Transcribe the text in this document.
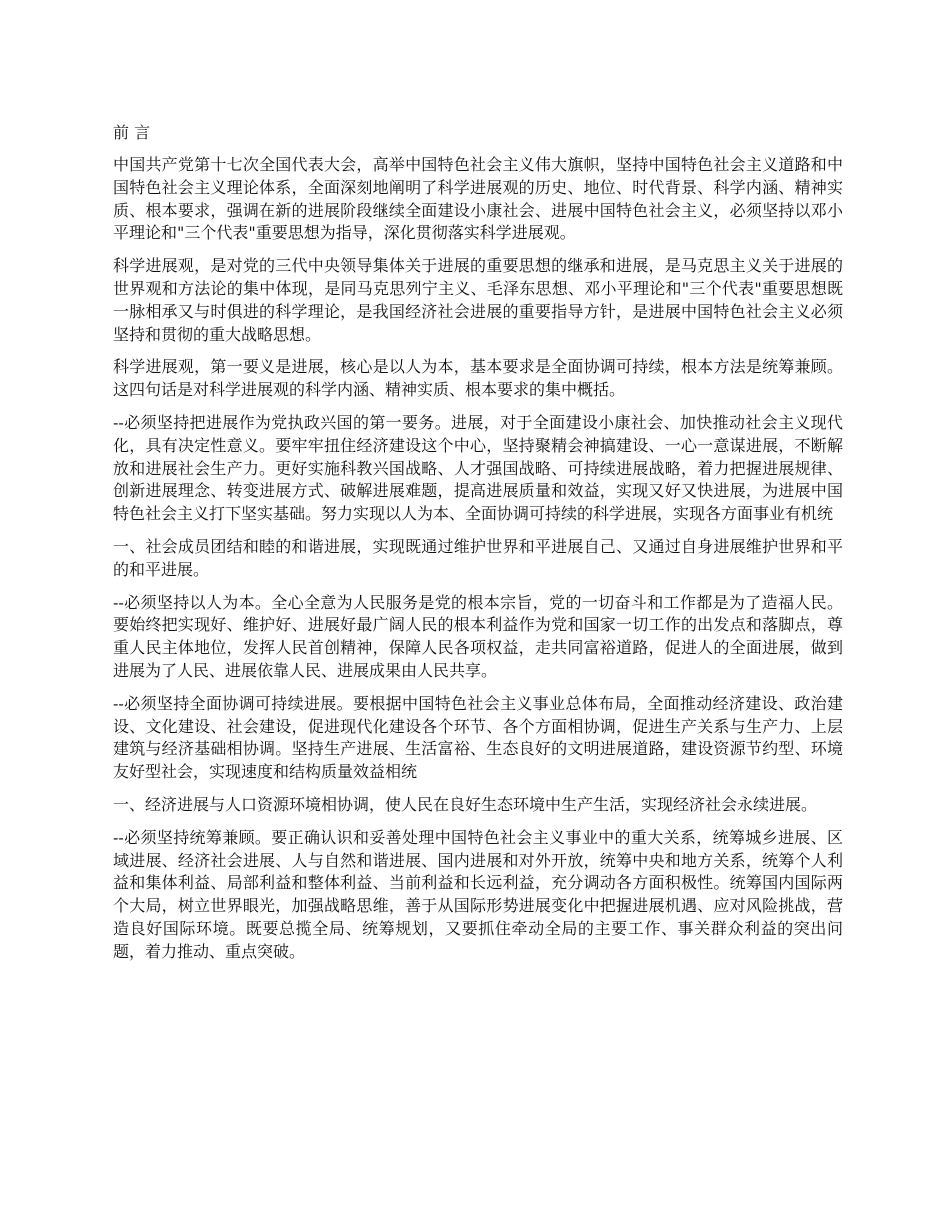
前 言

中国共产党第十七次全国代表大会，高举中国特色社会主义伟大旗帜，坚持中国特色社会主义道路和中国特色社会主义理论体系，全面深刻地阐明了科学进展观的历史、地位、时代背景、科学内涵、精神实质、根本要求，强调在新的进展阶段继续全面建设小康社会、进展中国特色社会主义，必须坚持以邓小平理论和"三个代表"重要思想为指导，深化贯彻落实科学进展观。

科学进展观，是对党的三代中央领导集体关于进展的重要思想的继承和进展，是马克思主义关于进展的世界观和方法论的集中体现，是同马克思列宁主义、毛泽东思想、邓小平理论和"三个代表"重要思想既一脉相承又与时俱进的科学理论，是我国经济社会进展的重要指导方针，是进展中国特色社会主义必须坚持和贯彻的重大战略思想。

科学进展观，第一要义是进展，核心是以人为本，基本要求是全面协调可持续，根本方法是统筹兼顾。这四句话是对科学进展观的科学内涵、精神实质、根本要求的集中概括。

--必须坚持把进展作为党执政兴国的第一要务。进展，对于全面建设小康社会、加快推动社会主义现代化，具有决定性意义。要牢牢扭住经济建设这个中心，坚持聚精会神搞建设、一心一意谋进展，不断解放和进展社会生产力。更好实施科教兴国战略、人才强国战略、可持续进展战略，着力把握进展规律、创新进展理念、转变进展方式、破解进展难题，提高进展质量和效益，实现又好又快进展，为进展中国特色社会主义打下坚实基础。努力实现以人为本、全面协调可持续的科学进展，实现各方面事业有机统

一、社会成员团结和睦的和谐进展，实现既通过维护世界和平进展自己、又通过自身进展维护世界和平的和平进展。

--必须坚持以人为本。全心全意为人民服务是党的根本宗旨，党的一切奋斗和工作都是为了造福人民。要始终把实现好、维护好、进展好最广阔人民的根本利益作为党和国家一切工作的出发点和落脚点，尊重人民主体地位，发挥人民首创精神，保障人民各项权益，走共同富裕道路，促进人的全面进展，做到进展为了人民、进展依靠人民、进展成果由人民共享。

--必须坚持全面协调可持续进展。要根据中国特色社会主义事业总体布局，全面推动经济建设、政治建设、文化建设、社会建设，促进现代化建设各个环节、各个方面相协调，促进生产关系与生产力、上层建筑与经济基础相协调。坚持生产进展、生活富裕、生态良好的文明进展道路，建设资源节约型、环境友好型社会，实现速度和结构质量效益相统

一、经济进展与人口资源环境相协调，使人民在良好生态环境中生产生活，实现经济社会永续进展。

--必须坚持统筹兼顾。要正确认识和妥善处理中国特色社会主义事业中的重大关系，统筹城乡进展、区域进展、经济社会进展、人与自然和谐进展、国内进展和对外开放，统筹中央和地方关系，统筹个人利益和集体利益、局部利益和整体利益、当前利益和长远利益，充分调动各方面积极性。统筹国内国际两个大局，树立世界眼光，加强战略思维，善于从国际形势进展变化中把握进展机遇、应对风险挑战，营造良好国际环境。既要总揽全局、统筹规划，又要抓住牵动全局的主要工作、事关群众利益的突出问题，着力推动、重点突破。
